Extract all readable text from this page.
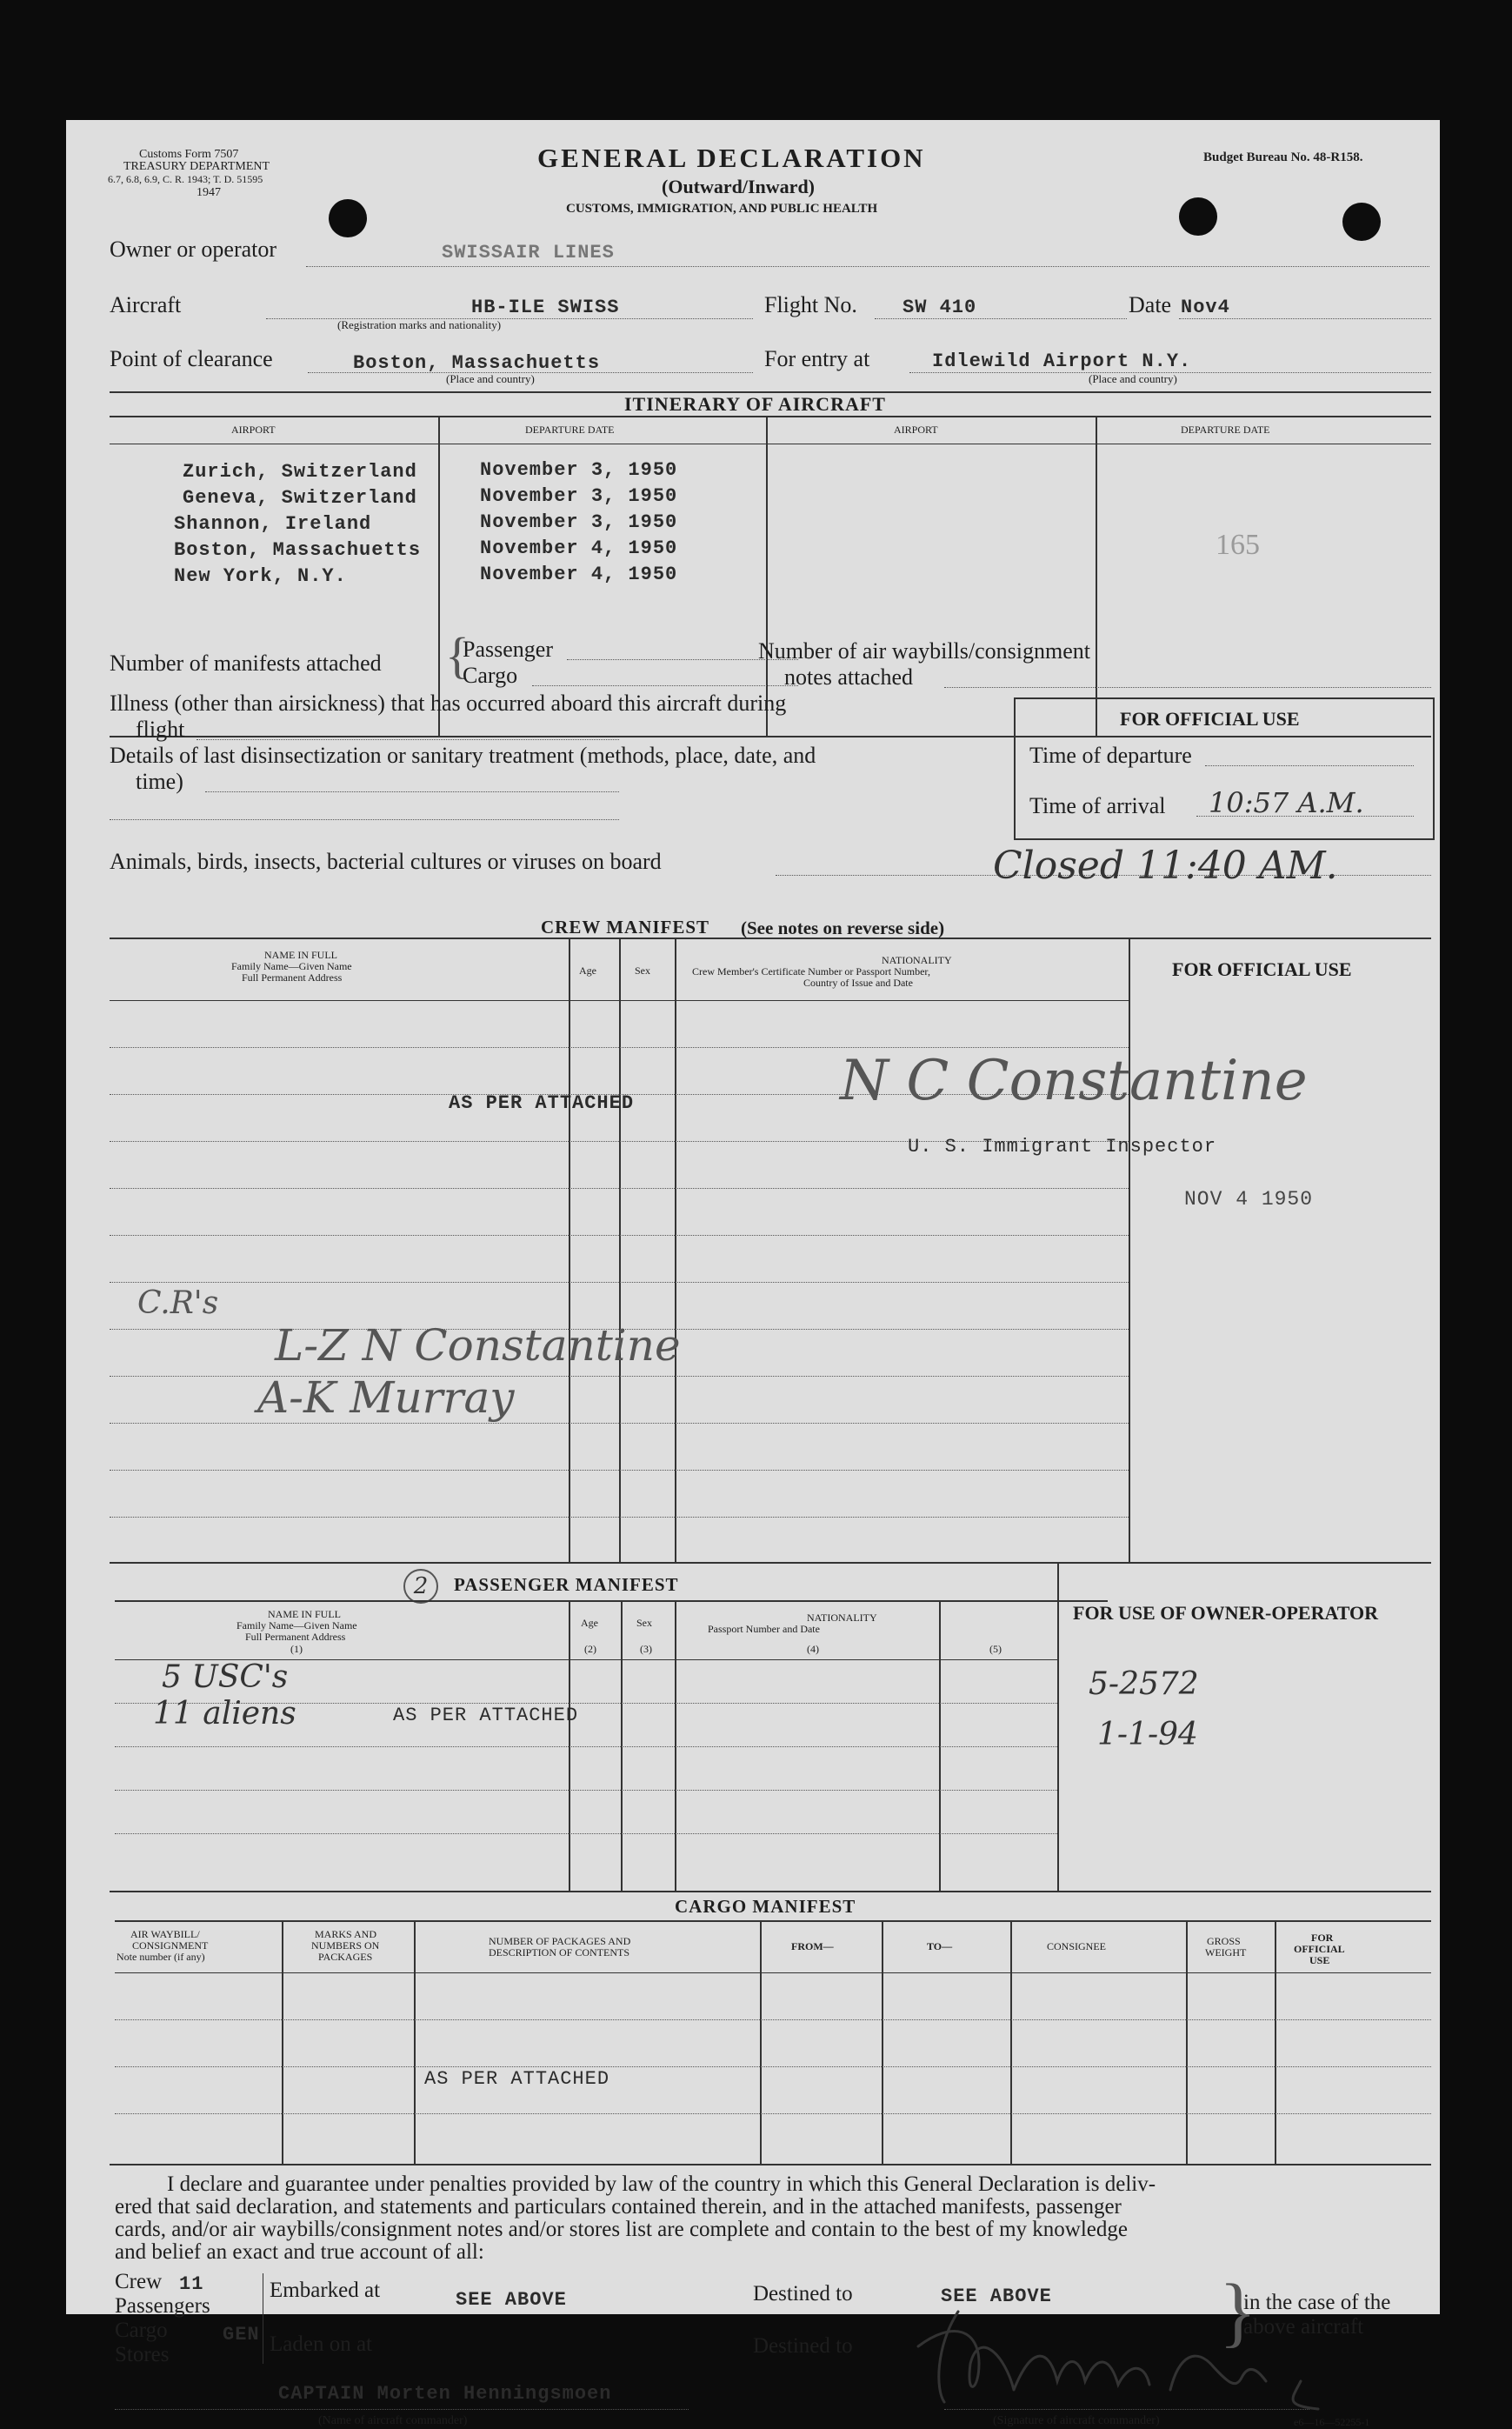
Customs Form 7507
TREASURY DEPARTMENT
6.7, 6.8, 6.9, C. R. 1943; T. D. 51595
1947
GENERAL DECLARATION
(Outward/Inward)
CUSTOMS, IMMIGRATION, AND PUBLIC HEALTH
Budget Bureau No. 48-R158.
Owner or operator	SWISSAIR LINES
Aircraft	HB-ILE SWISS
(Registration marks and nationality)
Flight No. SW 410	Date Nov4
Point of clearance	Boston, Massachuetts
(Place and country)
For entry at	Idlewild Airport N.Y.
(Place and country)
ITINERARY OF AIRCRAFT
AIRPORT	DEPARTURE DATE	AIRPORT	DEPARTURE DATE
Zurich, Switzerland	November 3, 1950
Geneva, Switzerland	November 3, 1950
Shannon, Ireland	November 3, 1950
Boston, Massachuetts	November 4, 1950
New York, N.Y.	November 4, 1950
165
Number of manifests attached {
Passenger
Cargo
Number of air waybills/consignment
notes attached
Illness (other than airsickness) that has occurred aboard this aircraft during
flight
Details of last disinsectization or sanitary treatment (methods, place, date, and
time)
Animals, birds, insects, bacterial cultures or viruses on board
FOR OFFICIAL USE
Time of departure
Time of arrival 10:57 A.M.
Closed 11:40 AM.
CREW MANIFEST (See notes on reverse side)
NAME IN FULL
Family Name—Given Name
Full Permanent Address
Age	Sex
NATIONALITY
Crew Member's Certificate Number or Passport Number,
Country of Issue and Date
FOR OFFICIAL USE
AS PER ATTACHED	N C Constantine
U. S. Immigrant Inspector
NOV 4 1950
C.R's
L-Z N Constantine
A-K Murray
2	PASSENGER MANIFEST
FOR USE OF OWNER-OPERATOR
NAME IN FULL
Family Name—Given Name
Full Permanent Address
(1)
Age
(2)
Sex
(3)
NATIONALITY
Passport Number and Date
(4)	(5)
5 USC's
11 aliens	AS PER ATTACHED
5-2572
1-1-94
CARGO MANIFEST
AIR WAYBILL/
CONSIGNMENT
Note number (if any)
MARKS AND
NUMBERS ON
PACKAGES
NUMBER OF PACKAGES AND
DESCRIPTION OF CONTENTS	FROM—	TO—	CONSIGNEE	GROSS
WEIGHT
FOR
OFFICIAL
USE
AS PER ATTACHED
I declare and guarantee under penalties provided by law of the country in which this General Declaration is deliv-
ered that said declaration, and statements and particulars contained therein, and in the attached manifests, passenger
cards, and/or air waybills/consignment notes and/or stores list are complete and contain to the best of my knowledge
and belief an exact and true account of all:
Crew 11
Passengers
Cargo	GEN
Stores
Embarked at	SEE ABOVE
Laden on at
Destined to	SEE ABOVE
Destined to	}
in the case of the
above aircraft
CAPTAIN Morten Henningsmoen
(Name of aircraft commander)	(Signature of aircraft commander)	e6—16—52255-1
